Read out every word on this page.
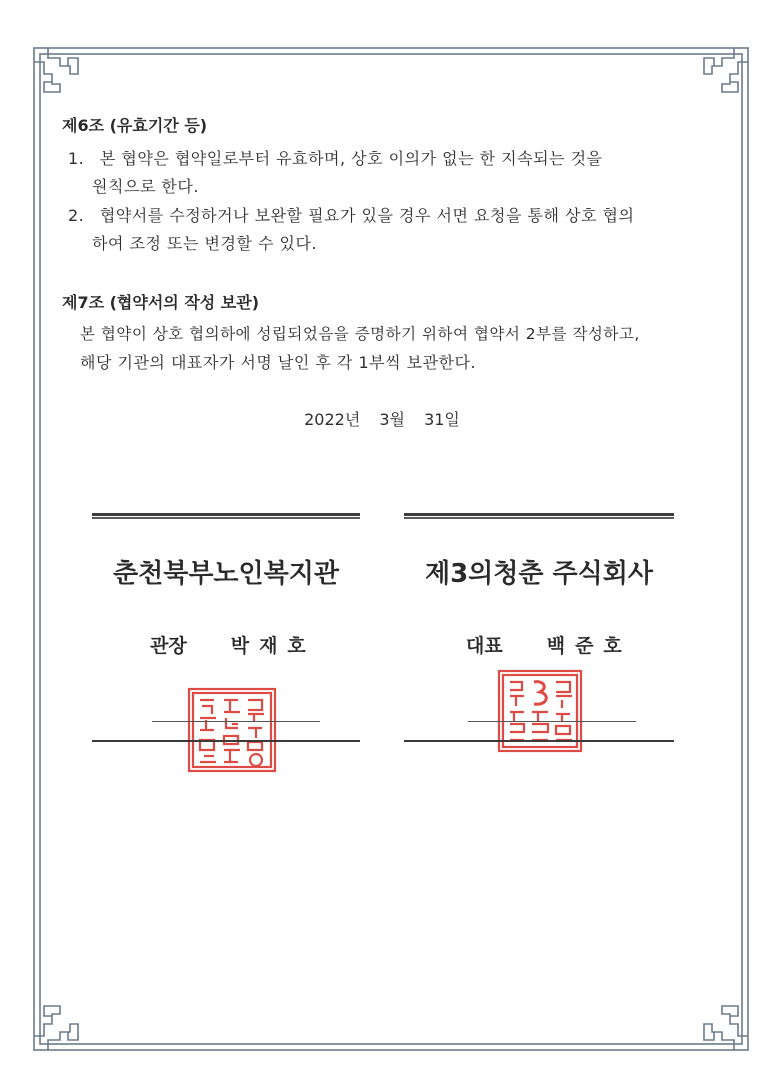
제6조 (유효기간 등)
1. 본 협약은 협약일로부터 유효하며, 상호 이의가 없는 한 지속되는 것을
원칙으로 한다.
2. 협약서를 수정하거나 보완할 필요가 있을 경우 서면 요청을 통해 상호 협의
하여 조정 또는 변경할 수 있다.
제7조 (협약서의 작성 보관)
본 협약이 상호 협의하에 성립되었음을 증명하기 위하여 협약서 2부를 작성하고,
해당 기관의 대표자가 서명 날인 후 각 1부씩 보관한다.
2022년 3월 31일
춘천북부노인복지관	제3의청춘 주식회사
관장 박재호	대표 백준호
